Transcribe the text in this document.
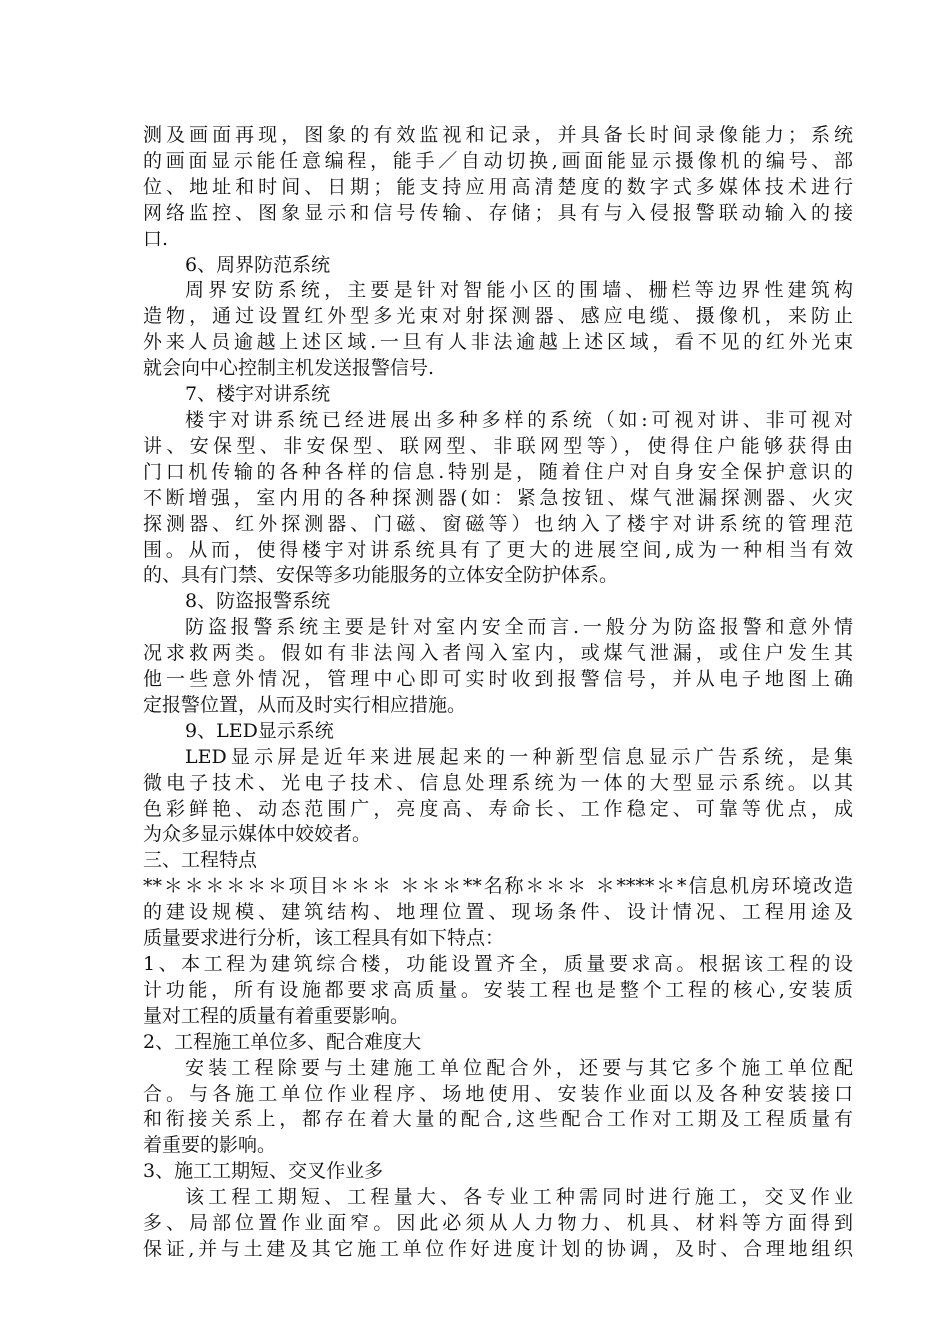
测及画面再现，图象的有效监视和记录，并具备长时间录像能力；系统
的画面显示能任意编程，能手／自动切换,画面能显示摄像机的编号、部
位、地址和时间、日期；能支持应用高清楚度的数字式多媒体技术进行
网络监控、图象显示和信号传输、存储；具有与入侵报警联动输入的接
口.
6、周界防范系统
周界安防系统，主要是针对智能小区的围墙、栅栏等边界性建筑构
造物，通过设置红外型多光束对射探测器、感应电缆、摄像机，来防止
外来人员逾越上述区域.一旦有人非法逾越上述区域，看不见的红外光束
就会向中心控制主机发送报警信号.
7、楼宇对讲系统
楼宇对讲系统已经进展出多种多样的系统（如:可视对讲、非可视对
讲、安保型、非安保型、联网型、非联网型等），使得住户能够获得由
门口机传输的各种各样的信息.特别是，随着住户对自身安全保护意识的
不断增强，室内用的各种探测器(如：紧急按钮、煤气泄漏探测器、火灾
探测器、红外探测器、门磁、窗磁等）也纳入了楼宇对讲系统的管理范
围。从而，使得楼宇对讲系统具有了更大的进展空间,成为一种相当有效
的、具有门禁、安保等多功能服务的立体安全防护体系。
8、防盗报警系统
防盗报警系统主要是针对室内安全而言.一般分为防盗报警和意外情
况求救两类。假如有非法闯入者闯入室内，或煤气泄漏，或住户发生其
他一些意外情况，管理中心即可实时收到报警信号，并从电子地图上确
定报警位置，从而及时实行相应措施。
9、LED显示系统
LED显示屏是近年来进展起来的一种新型信息显示广告系统，是集
微电子技术、光电子技术、信息处理系统为一体的大型显示系统。以其
色彩鲜艳、动态范围广，亮度高、寿命长、工作稳定、可靠等优点，成
为众多显示媒体中姣姣者。
三、工程特点
**＊＊＊＊＊＊项目＊＊＊ ＊＊＊**名称＊＊＊ ＊****＊*信息机房环境改造
的建设规模、建筑结构、地理位置、现场条件、设计情况、工程用途及
质量要求进行分析，该工程具有如下特点：
1、本工程为建筑综合楼，功能设置齐全，质量要求高。根据该工程的设
计功能，所有设施都要求高质量。安装工程也是整个工程的核心,安装质
量对工程的质量有着重要影响。
2、工程施工单位多、配合难度大
安装工程除要与土建施工单位配合外，还要与其它多个施工单位配
合。与各施工单位作业程序、场地使用、安装作业面以及各种安装接口
和衔接关系上，都存在着大量的配合,这些配合工作对工期及工程质量有
着重要的影响。
3、施工工期短、交叉作业多
该工程工期短、工程量大、各专业工种需同时进行施工，交叉作业
多、局部位置作业面窄。因此必须从人力物力、机具、材料等方面得到
保证,并与土建及其它施工单位作好进度计划的协调，及时、合理地组织
